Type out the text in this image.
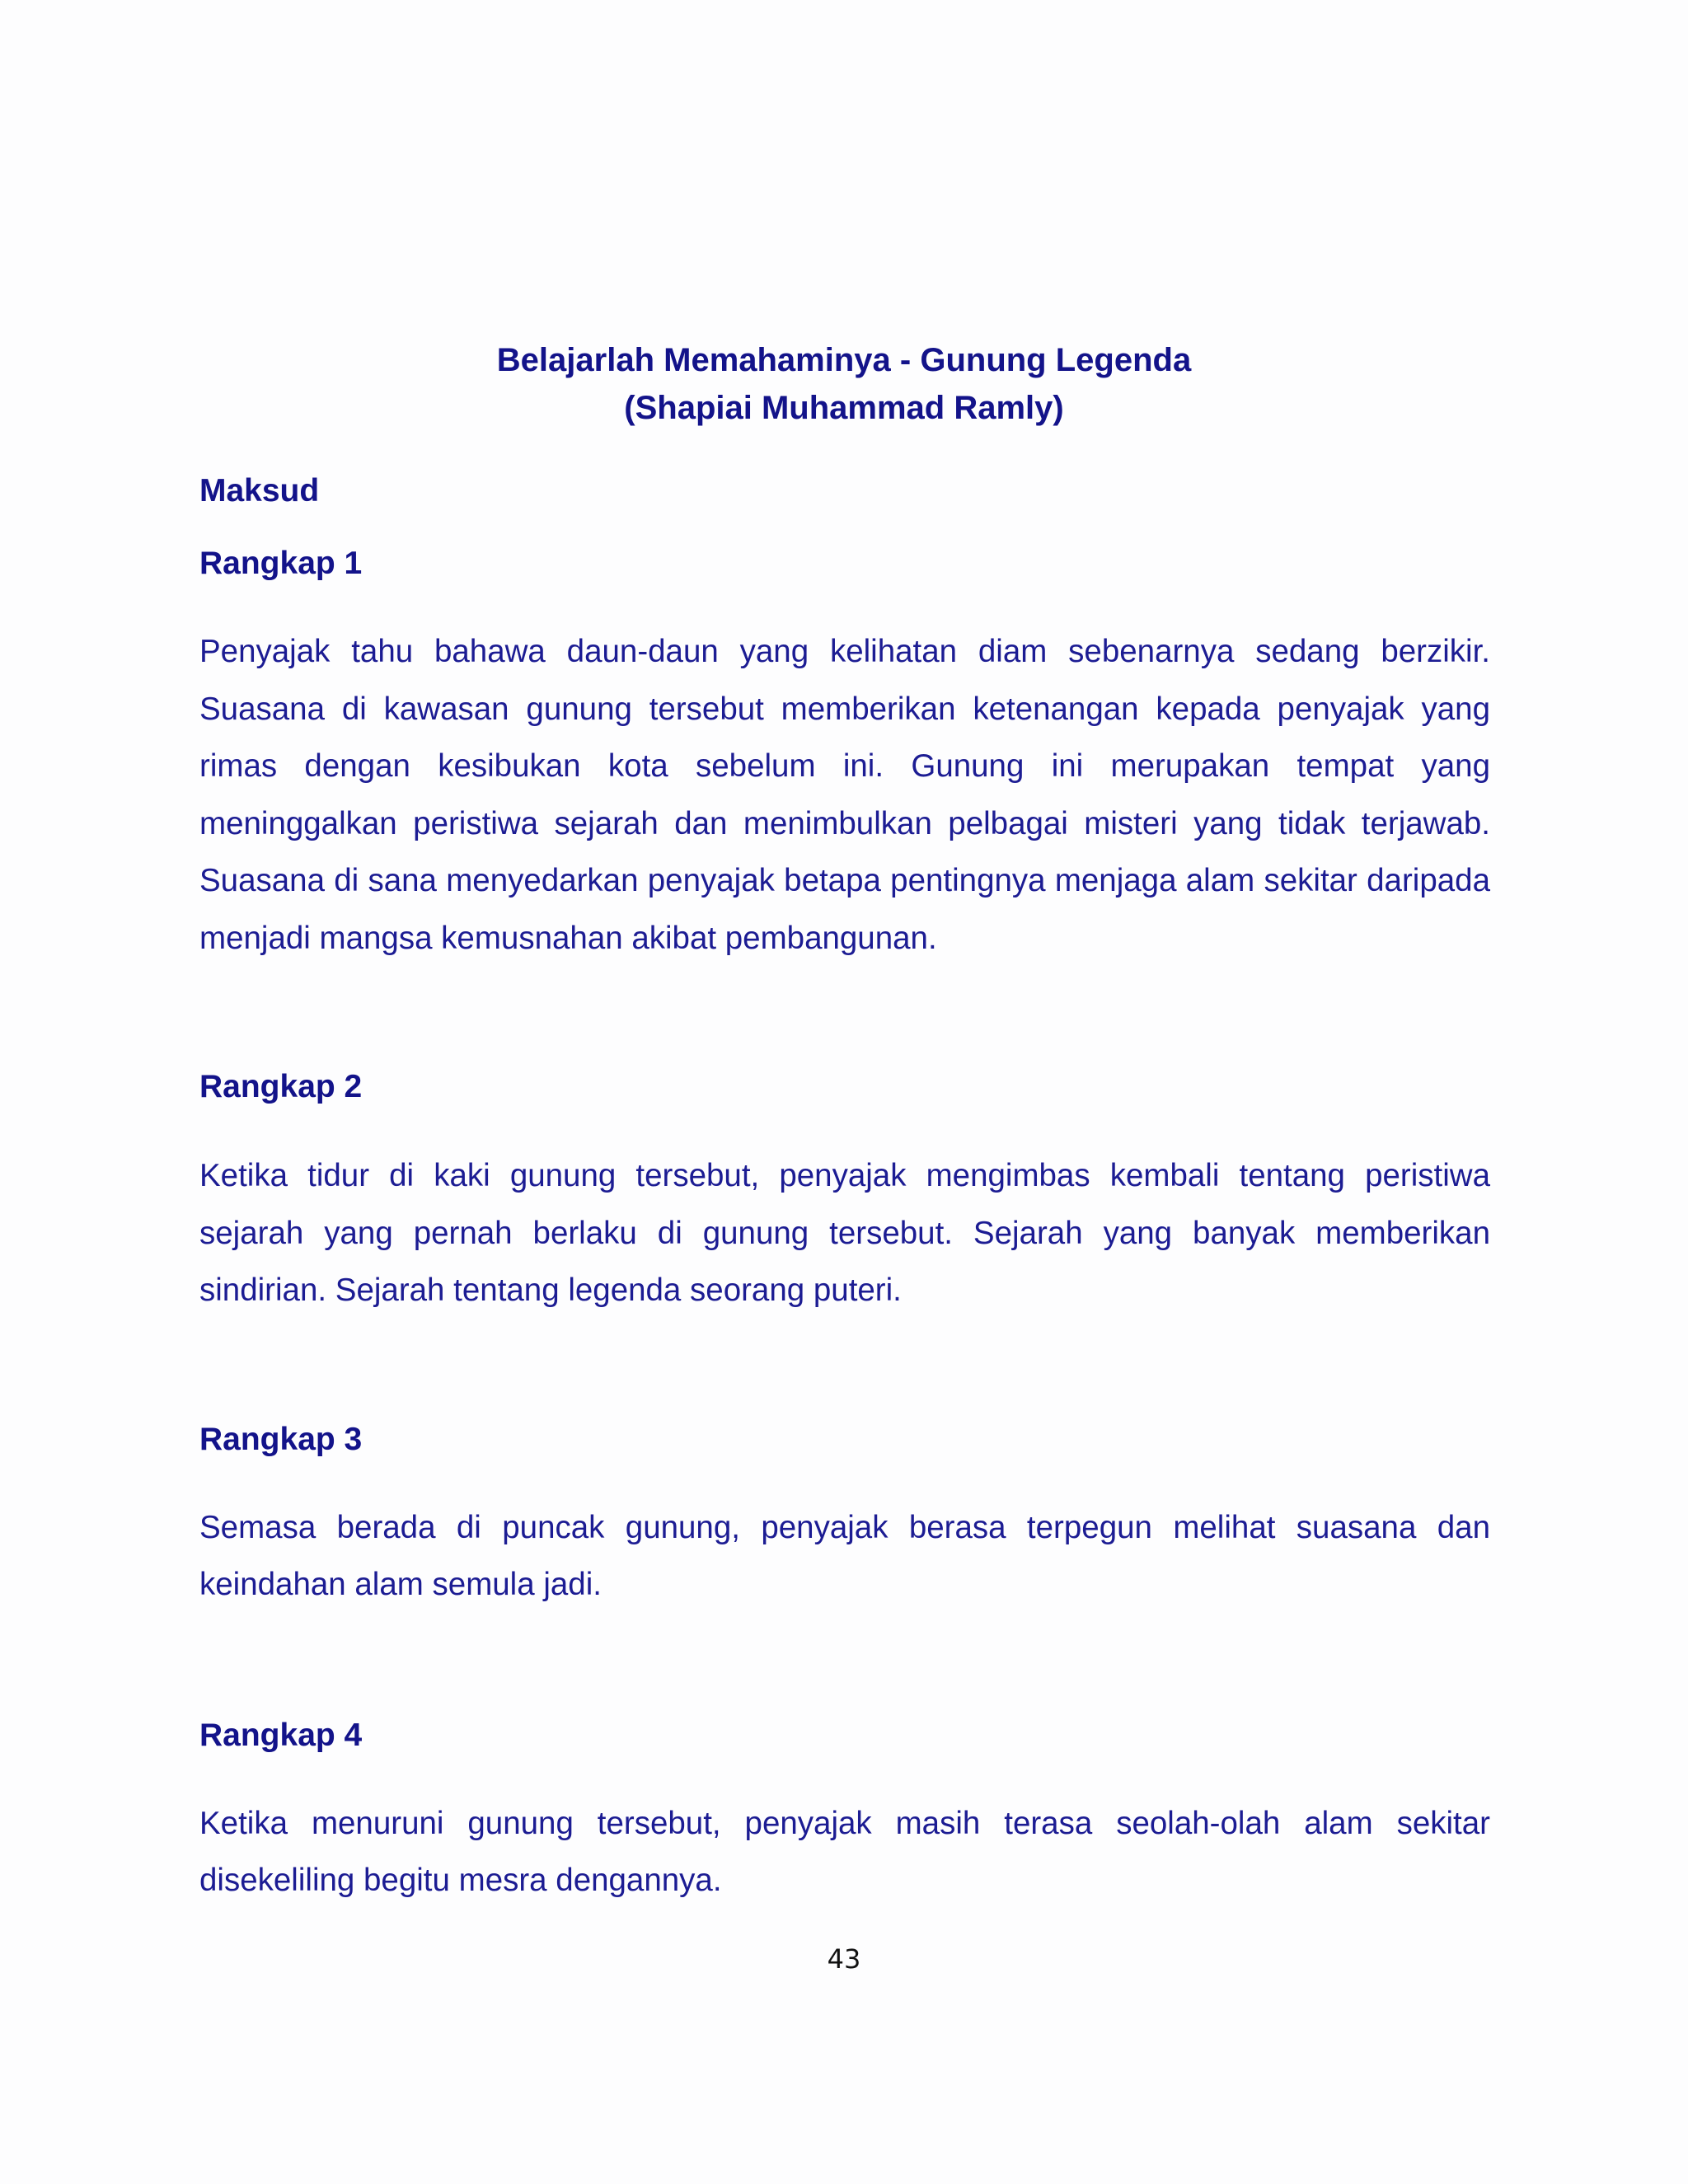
Belajarlah Memahaminya - Gunung Legenda
(Shapiai Muhammad Ramly)

Maksud

Rangkap 1

Penyajak tahu bahawa daun-daun yang kelihatan diam sebenarnya sedang berzikir. Suasana di kawasan gunung tersebut memberikan ketenangan kepada penyajak yang rimas dengan kesibukan kota sebelum ini. Gunung ini merupakan tempat yang meninggalkan peristiwa sejarah dan menimbulkan pelbagai misteri yang tidak terjawab. Suasana di sana menyedarkan penyajak betapa pentingnya menjaga alam sekitar daripada menjadi mangsa kemusnahan akibat pembangunan.

Rangkap 2

Ketika tidur di kaki gunung tersebut, penyajak mengimbas kembali tentang peristiwa sejarah yang pernah berlaku di gunung tersebut. Sejarah yang banyak memberikan sindirian. Sejarah tentang legenda seorang puteri.

Rangkap 3

Semasa berada di puncak gunung, penyajak berasa terpegun melihat suasana dan keindahan alam semula jadi.

Rangkap 4

Ketika menuruni gunung tersebut, penyajak masih terasa seolah-olah alam sekitar disekeliling begitu mesra dengannya.

43
